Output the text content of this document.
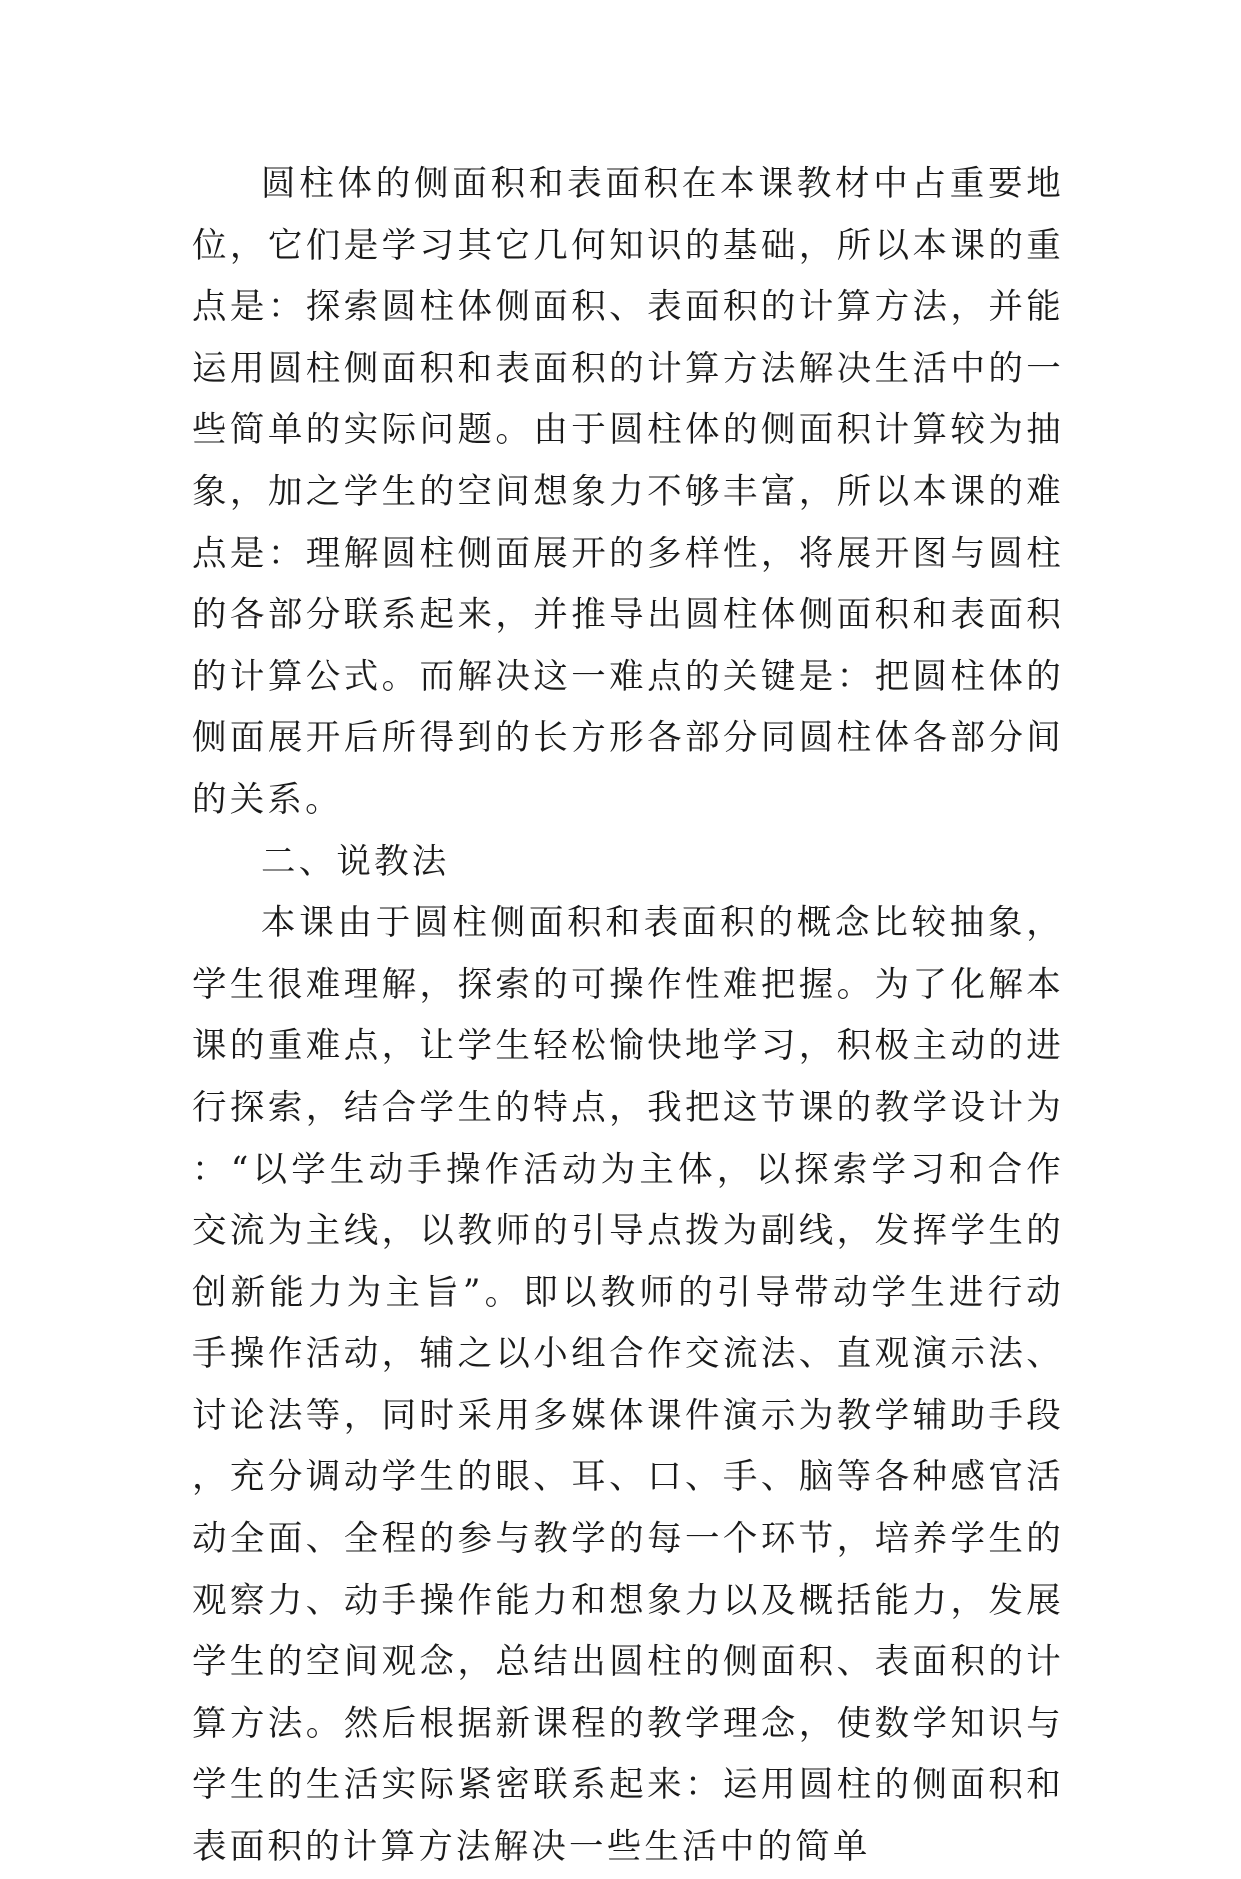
圆柱体的侧面积和表面积在本课教材中占重要地位，它们是学习其它几何知识的基础，所以本课的重点是：探索圆柱体侧面积、表面积的计算方法，并能运用圆柱侧面积和表面积的计算方法解决生活中的一些简单的实际问题。由于圆柱体的侧面积计算较为抽象，加之学生的空间想象力不够丰富，所以本课的难点是：理解圆柱侧面展开的多样性，将展开图与圆柱的各部分联系起来，并推导出圆柱体侧面积和表面积的计算公式。而解决这一难点的关键是：把圆柱体的侧面展开后所得到的长方形各部分同圆柱体各部分间的关系。

二、说教法

本课由于圆柱侧面积和表面积的概念比较抽象，学生很难理解，探索的可操作性难把握。为了化解本课的重难点，让学生轻松愉快地学习，积极主动的进行探索，结合学生的特点，我把这节课的教学设计为：“以学生动手操作活动为主体，以探索学习和合作交流为主线，以教师的引导点拨为副线，发挥学生的创新能力为主旨”。即以教师的引导带动学生进行动手操作活动，辅之以小组合作交流法、直观演示法、讨论法等，同时采用多媒体课件演示为教学辅助手段，充分调动学生的眼、耳、口、手、脑等各种感官活动全面、全程的参与教学的每一个环节，培养学生的观察力、动手操作能力和想象力以及概括能力，发展学生的空间观念，总结出圆柱的侧面积、表面积的计算方法。然后根据新课程的教学理念，使数学知识与学生的生活实际紧密联系起来：运用圆柱的侧面积和表面积的计算方法解决一些生活中的简单
